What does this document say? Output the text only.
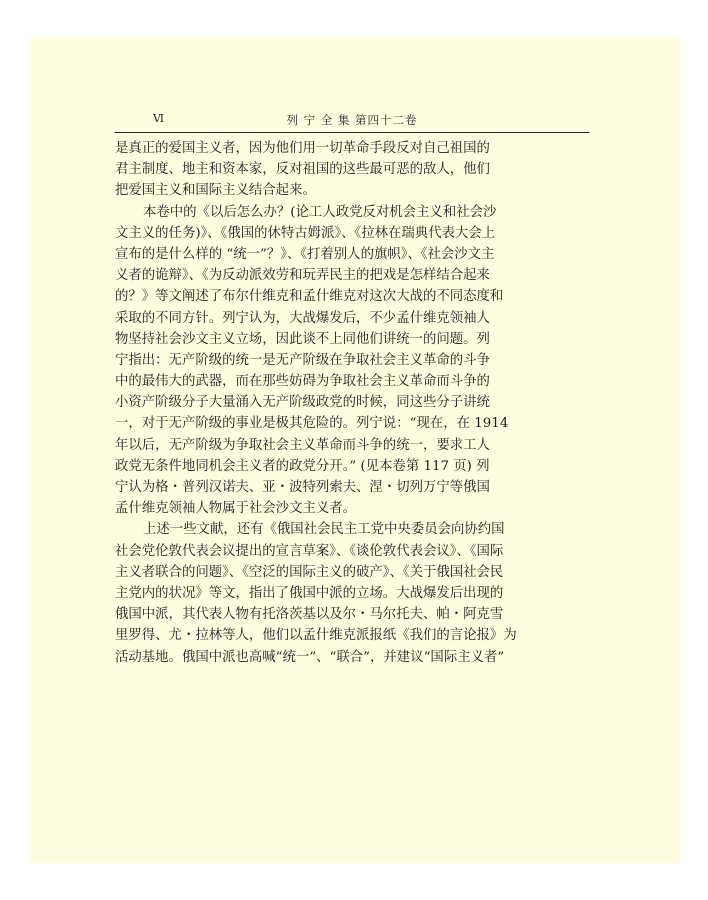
Ⅵ	列 宁 全 集 第四十二卷
是真正的爱国主义者，因为他们用一切革命手段反对自己祖国的
君主制度、地主和资本家，反对祖国的这些最可恶的敌人，他们
把爱国主义和国际主义结合起来。
本卷中的《以后怎么办？(论工人政党反对机会主义和社会沙
文主义的任务)》、《俄国的休特古姆派》、《拉林在瑞典代表大会上
宣布的是什么样的 “统一”？》、《打着别人的旗帜》、《社会沙文主
义者的诡辩》、《为反动派效劳和玩弄民主的把戏是怎样结合起来
的？》等文阐述了布尔什维克和孟什维克对这次大战的不同态度和
采取的不同方针。列宁认为，大战爆发后，不少孟什维克领袖人
物坚持社会沙文主义立场，因此谈不上同他们讲统一的问题。列
宁指出：无产阶级的统一是无产阶级在争取社会主义革命的斗争
中的最伟大的武器，而在那些妨碍为争取社会主义革命而斗争的
小资产阶级分子大量涌入无产阶级政党的时候，同这些分子讲统
一，对于无产阶级的事业是极其危险的。列宁说：“现在，在 1914
年以后，无产阶级为争取社会主义革命而斗争的统一，要求工人
政党无条件地同机会主义者的政党分开。” (见本卷第 117 页) 列
宁认为格・普列汉诺夫、亚・波特列索夫、涅・切列万宁等俄国
孟什维克领袖人物属于社会沙文主义者。
上述一些文献，还有《俄国社会民主工党中央委员会向协约国
社会党伦敦代表会议提出的宣言草案》、《谈伦敦代表会议》、《国际
主义者联合的问题》、《空泛的国际主义的破产》、《关于俄国社会民
主党内的状况》等文，指出了俄国中派的立场。大战爆发后出现的
俄国中派，其代表人物有托洛茨基以及尔・马尔托夫、帕・阿克雪
里罗得、尤・拉林等人，他们以孟什维克派报纸《我们的言论报》为
活动基地。俄国中派也高喊“统一”、“联合”，并建议“国际主义者”
